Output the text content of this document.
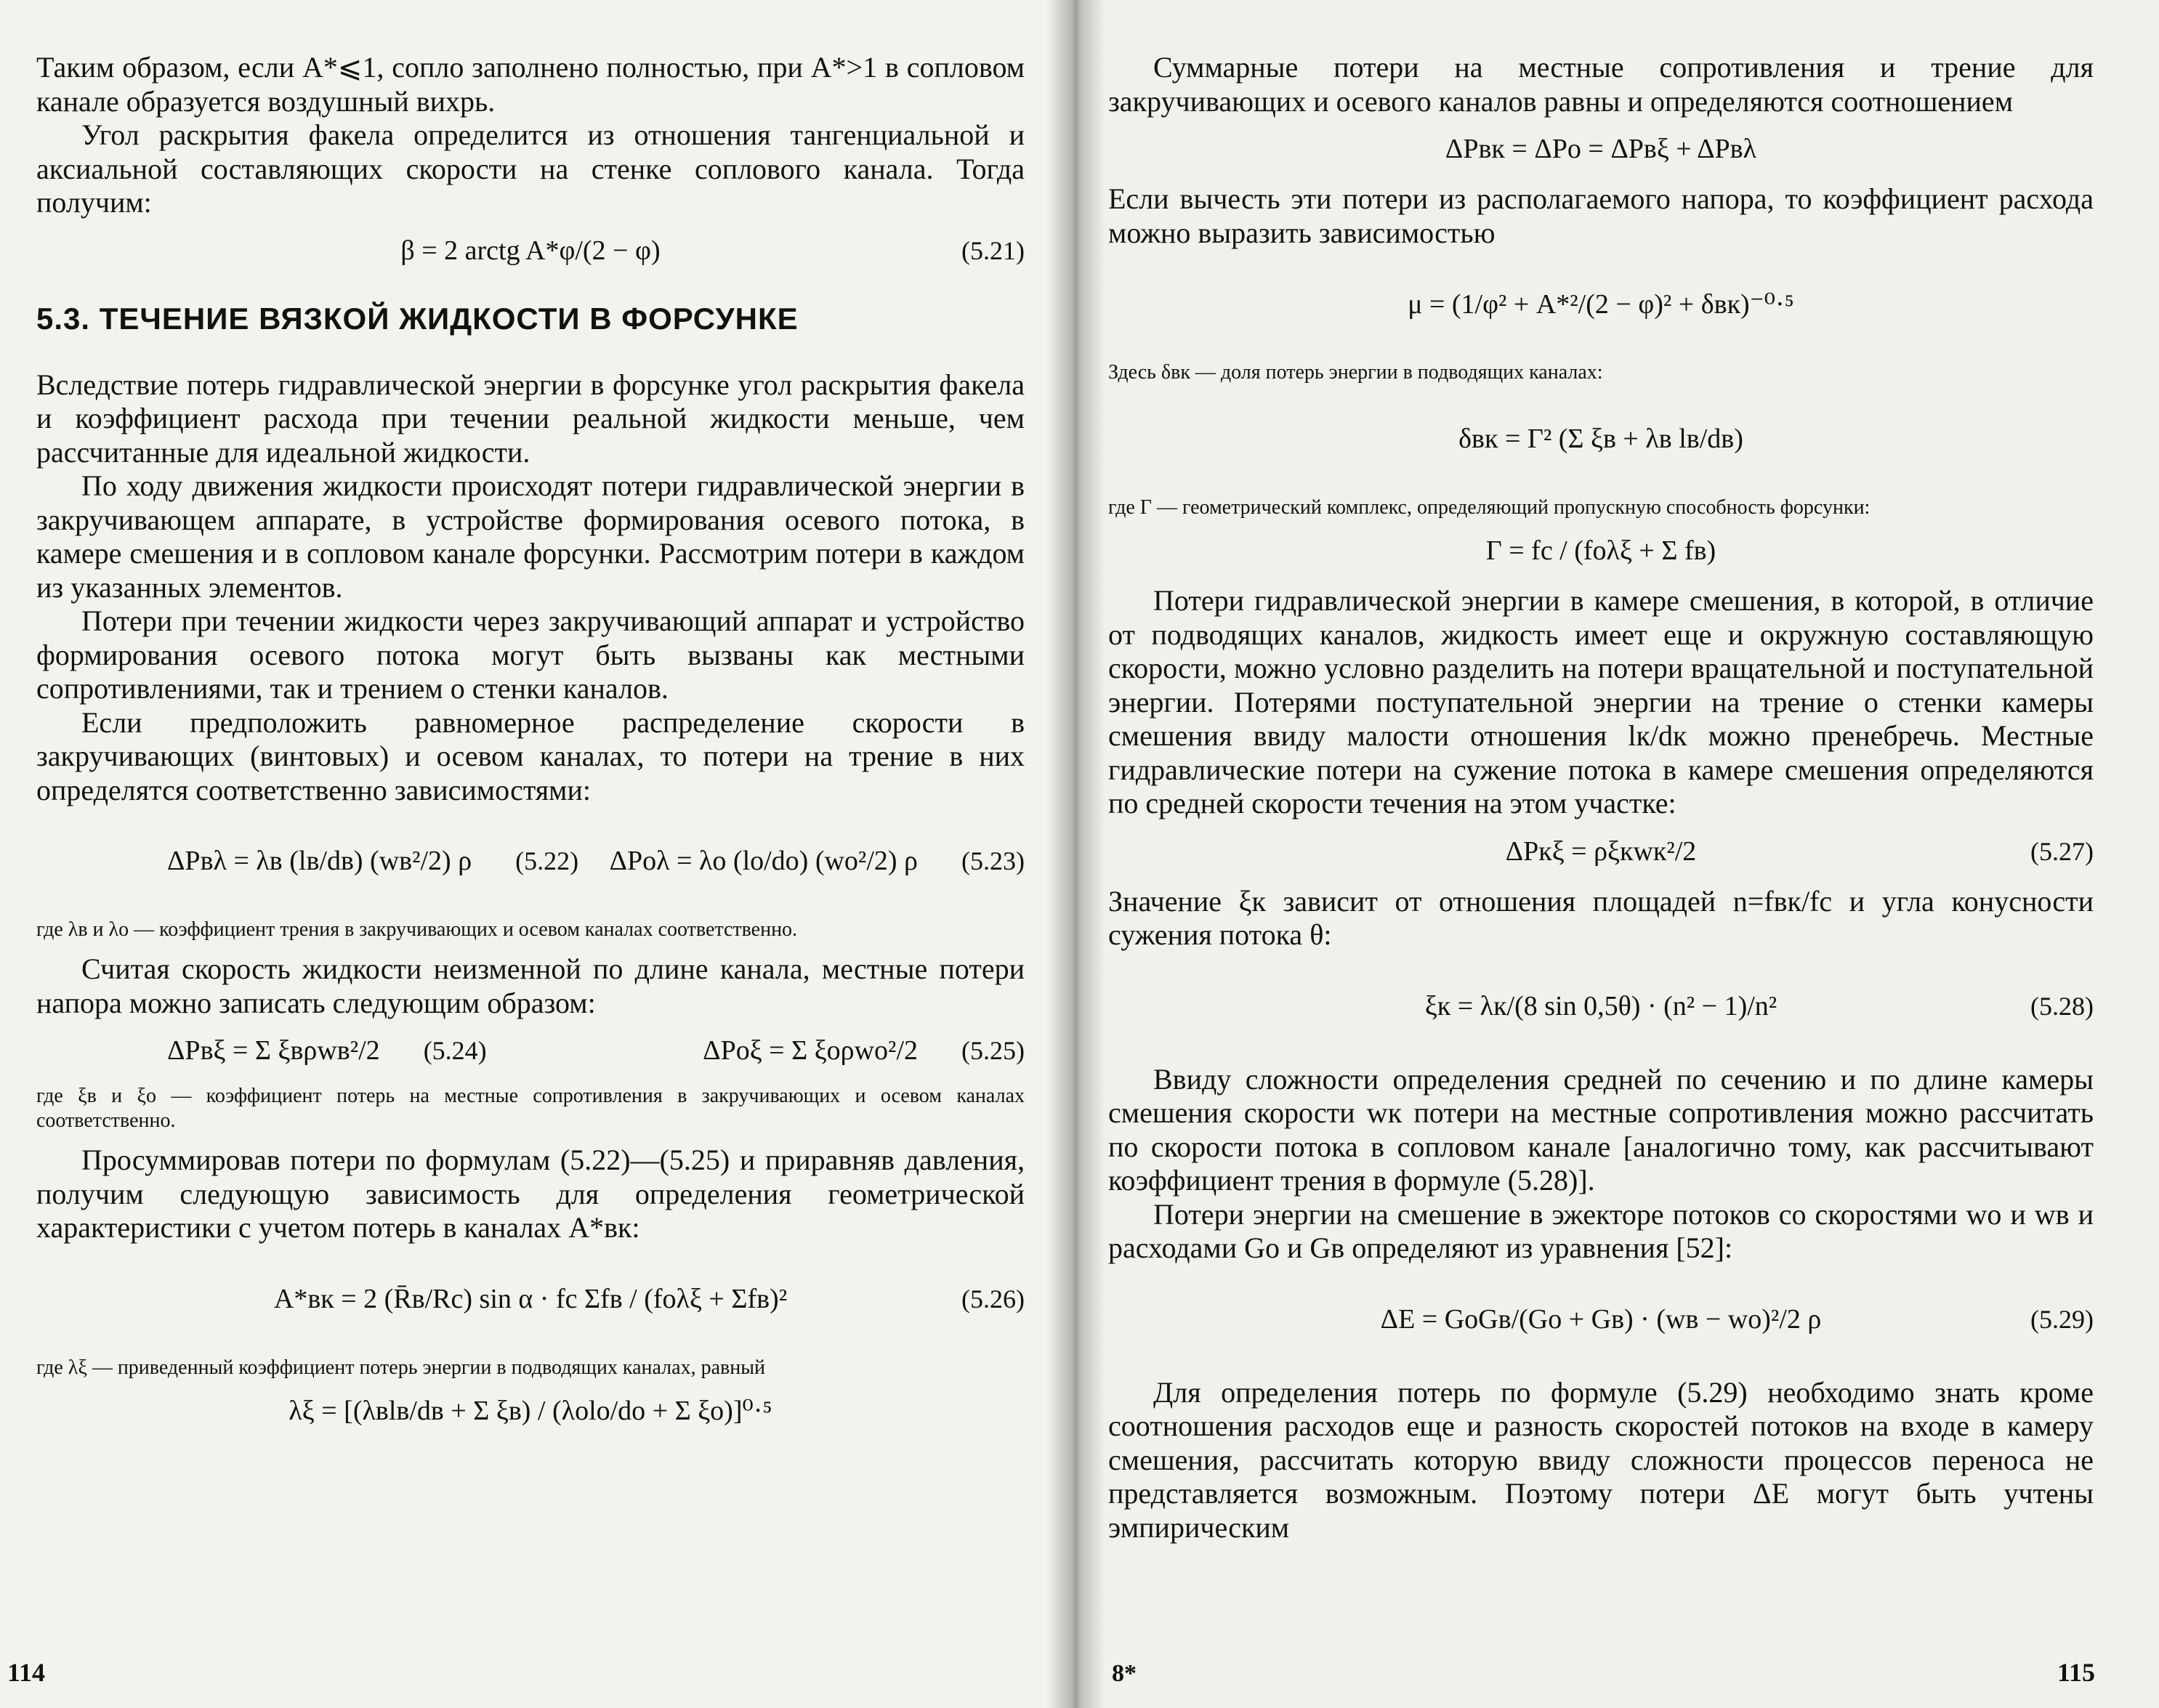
Таким образом, если A*⩽1, сопло заполнено полностью, при A*>1 в сопловом канале образуется воздушный вихрь.

Угол раскрытия факела определится из отношения тангенциальной и аксиальной составляющих скорости на стенке соплового канала. Тогда получим:

β = 2 arctg A*φ/(2 − φ)	(5.21)
5.3. ТЕЧЕНИЕ ВЯЗКОЙ ЖИДКОСТИ В ФОРСУНКЕ

Вследствие потерь гидравлической энергии в форсунке угол раскрытия факела и коэффициент расхода при течении реальной жидкости меньше, чем рассчитанные для идеальной жидкости.

По ходу движения жидкости происходят потери гидравлической энергии в закручивающем аппарате, в устройстве формирования осевого потока, в камере смешения и в сопловом канале форсунки. Рассмотрим потери в каждом из указанных элементов.

Потери при течении жидкости через закручивающий аппарат и устройство формирования осевого потока могут быть вызваны как местными сопротивлениями, так и трением о стенки каналов.

Если предположить равномерное распределение скорости в закручивающих (винтовых) и осевом каналах, то потери на трение в них определятся соответственно зависимостями:

ΔPвλ = λв (lв/dв) (wв²/2) ρ (5.22) ΔPоλ = λо (lо/dо) (wо²/2) ρ (5.23)

где λв и λо — коэффициент трения в закручивающих и осевом каналах соответственно.

Считая скорость жидкости неизменной по длине канала, местные потери напора можно записать следующим образом:

ΔPвξ = Σ ξвρwв²/2 (5.24)	ΔPоξ = Σ ξоρwо²/2 (5.25)

где ξв и ξо — коэффициент потерь на местные сопротивления в закручивающих и осевом каналах соответственно.

Просуммировав потери по формулам (5.22)—(5.25) и приравняв давления, получим следующую зависимость для определения геометрической характеристики с учетом потерь в каналах A*вк:

A*вк = 2 (R̄в/Rс) sin α · fс Σfв / (fоλξ + Σfв)²	(5.26)

где λξ — приведенный коэффициент потерь энергии в подводящих каналах, равный

λξ = [(λвlв/dв + Σ ξв) / (λоlо/dо + Σ ξо)]⁰·⁵
114

Суммарные потери на местные сопротивления и трение для закручивающих и осевого каналов равны и определяются соотношением

ΔPвк = ΔPо = ΔPвξ + ΔPвλ

Если вычесть эти потери из располагаемого напора, то коэффициент расхода можно выразить зависимостью

μ = (1/φ² + A*²/(2 − φ)² + δвк)⁻⁰·⁵

Здесь δвк — доля потерь энергии в подводящих каналах:

δвк = Г² (Σ ξв + λв lв/dв)

где Г — геометрический комплекс, определяющий пропускную способность форсунки:

Г = fс / (fоλξ + Σ fв)

Потери гидравлической энергии в камере смешения, в которой, в отличие от подводящих каналов, жидкость имеет еще и окружную составляющую скорости, можно условно разделить на потери вращательной и поступательной энергии. Потерями поступательной энергии на трение о стенки камеры смешения ввиду малости отношения lк/dк можно пренебречь. Местные гидравлические потери на сужение потока в камере смешения определяются по средней скорости течения на этом участке:

ΔPкξ = ρξкwк²/2	(5.27)

Значение ξк зависит от отношения площадей n=fвк/fс и угла конусности сужения потока θ:

ξк = λк/(8 sin 0,5θ) · (n² − 1)/n²	(5.28)

Ввиду сложности определения средней по сечению и по длине камеры смешения скорости wк потери на местные сопротивления можно рассчитать по скорости потока в сопловом канале [аналогично тому, как рассчитывают коэффициент трения в формуле (5.28)].

Потери энергии на смешение в эжекторе потоков со скоростями wо и wв и расходами Gо и Gв определяют из уравнения [52]:

ΔE = GоGв/(Gо + Gв) · (wв − wо)²/2 ρ	(5.29)

Для определения потерь по формуле (5.29) необходимо знать кроме соотношения расходов еще и разность скоростей потоков на входе в камеру смешения, рассчитать которую ввиду сложности процессов переноса не представляется возможным. Поэтому потери ΔE могут быть учтены эмпирическим

8*	115
